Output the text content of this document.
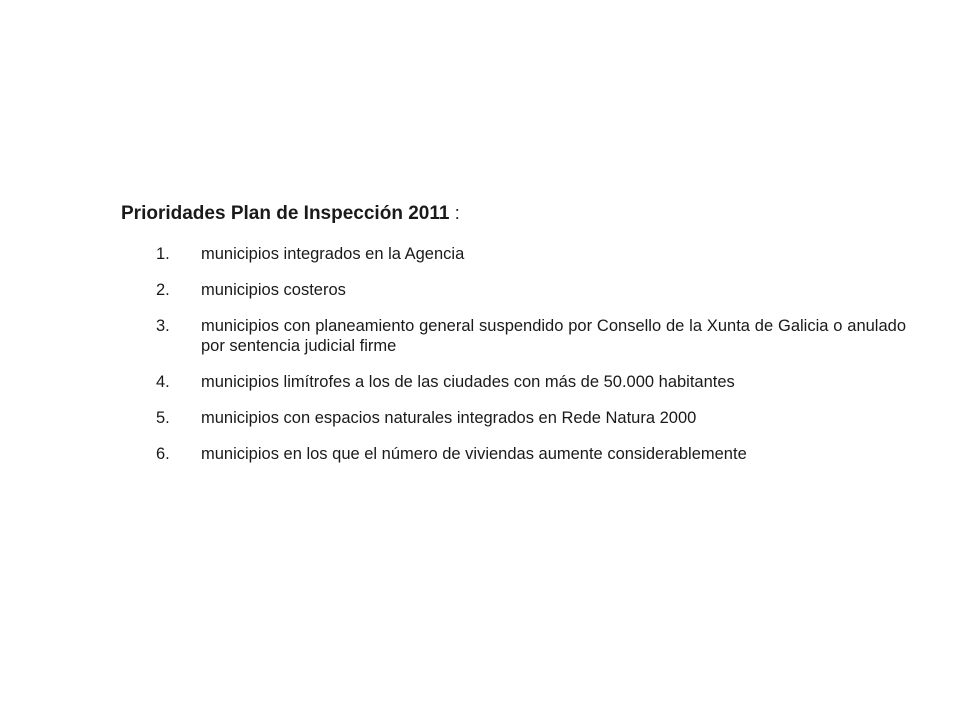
Prioridades Plan de Inspección 2011 :
1.	municipios integrados en la Agencia
2.	municipios costeros
3.	municipios con planeamiento general suspendido por Consello de la Xunta de Galicia o anulado por sentencia judicial firme
4.	municipios limítrofes a los de las ciudades con más de 50.000 habitantes
5.	municipios con espacios naturales integrados en Rede Natura 2000
6.	municipios en los que el número de viviendas aumente considerablemente
